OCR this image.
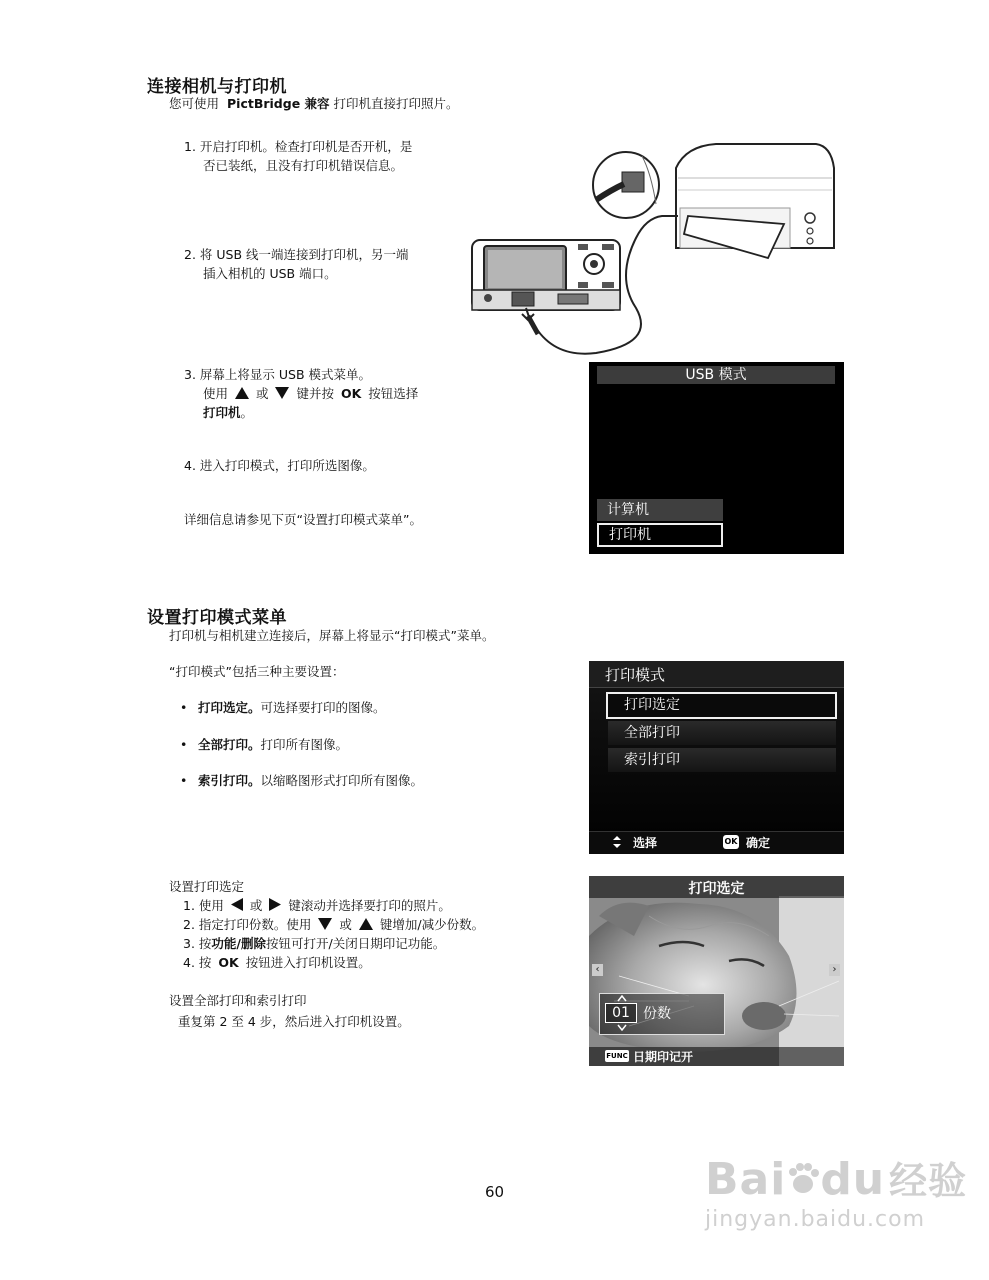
连接相机与打印机
您可使用 PictBridge 兼容 打印机直接打印照片。
1. 开启打印机。检查打印机是否开机，是
否已装纸，且没有打印机错误信息。
2. 将 USB 线一端连接到打印机，另一端
插入相机的 USB 端口。
3. 屏幕上将显示 USB 模式菜单。
使用 或 键并按 OK 按钮选择
打印机。
4. 进入打印模式，打印所选图像。
详细信息请参见下页“设置打印模式菜单”。
USB 模式
计算机
打印机
设置打印模式菜单
打印机与相机建立连接后，屏幕上将显示“打印模式”菜单。
“打印模式”包括三种主要设置：
• 打印选定。可选择要打印的图像。
• 全部打印。打印所有图像。
• 索引打印。以缩略图形式打印所有图像。
打印模式
打印选定
全部打印
索引打印
选择	OK 确定
设置打印选定
1. 使用 或 键滚动并选择要打印的照片。
2. 指定打印份数。使用 或 键增加/减少份数。
3. 按功能/删除按钮可打开/关闭日期印记功能。
4. 按 OK 按钮进入打印机设置。
设置全部打印和索引打印
重复第 2 至 4 步，然后进入打印机设置。
打印选定
‹	›
01 份数
FUNC 日期印记开
60	Bai du 经验
jingyan.baidu.com
